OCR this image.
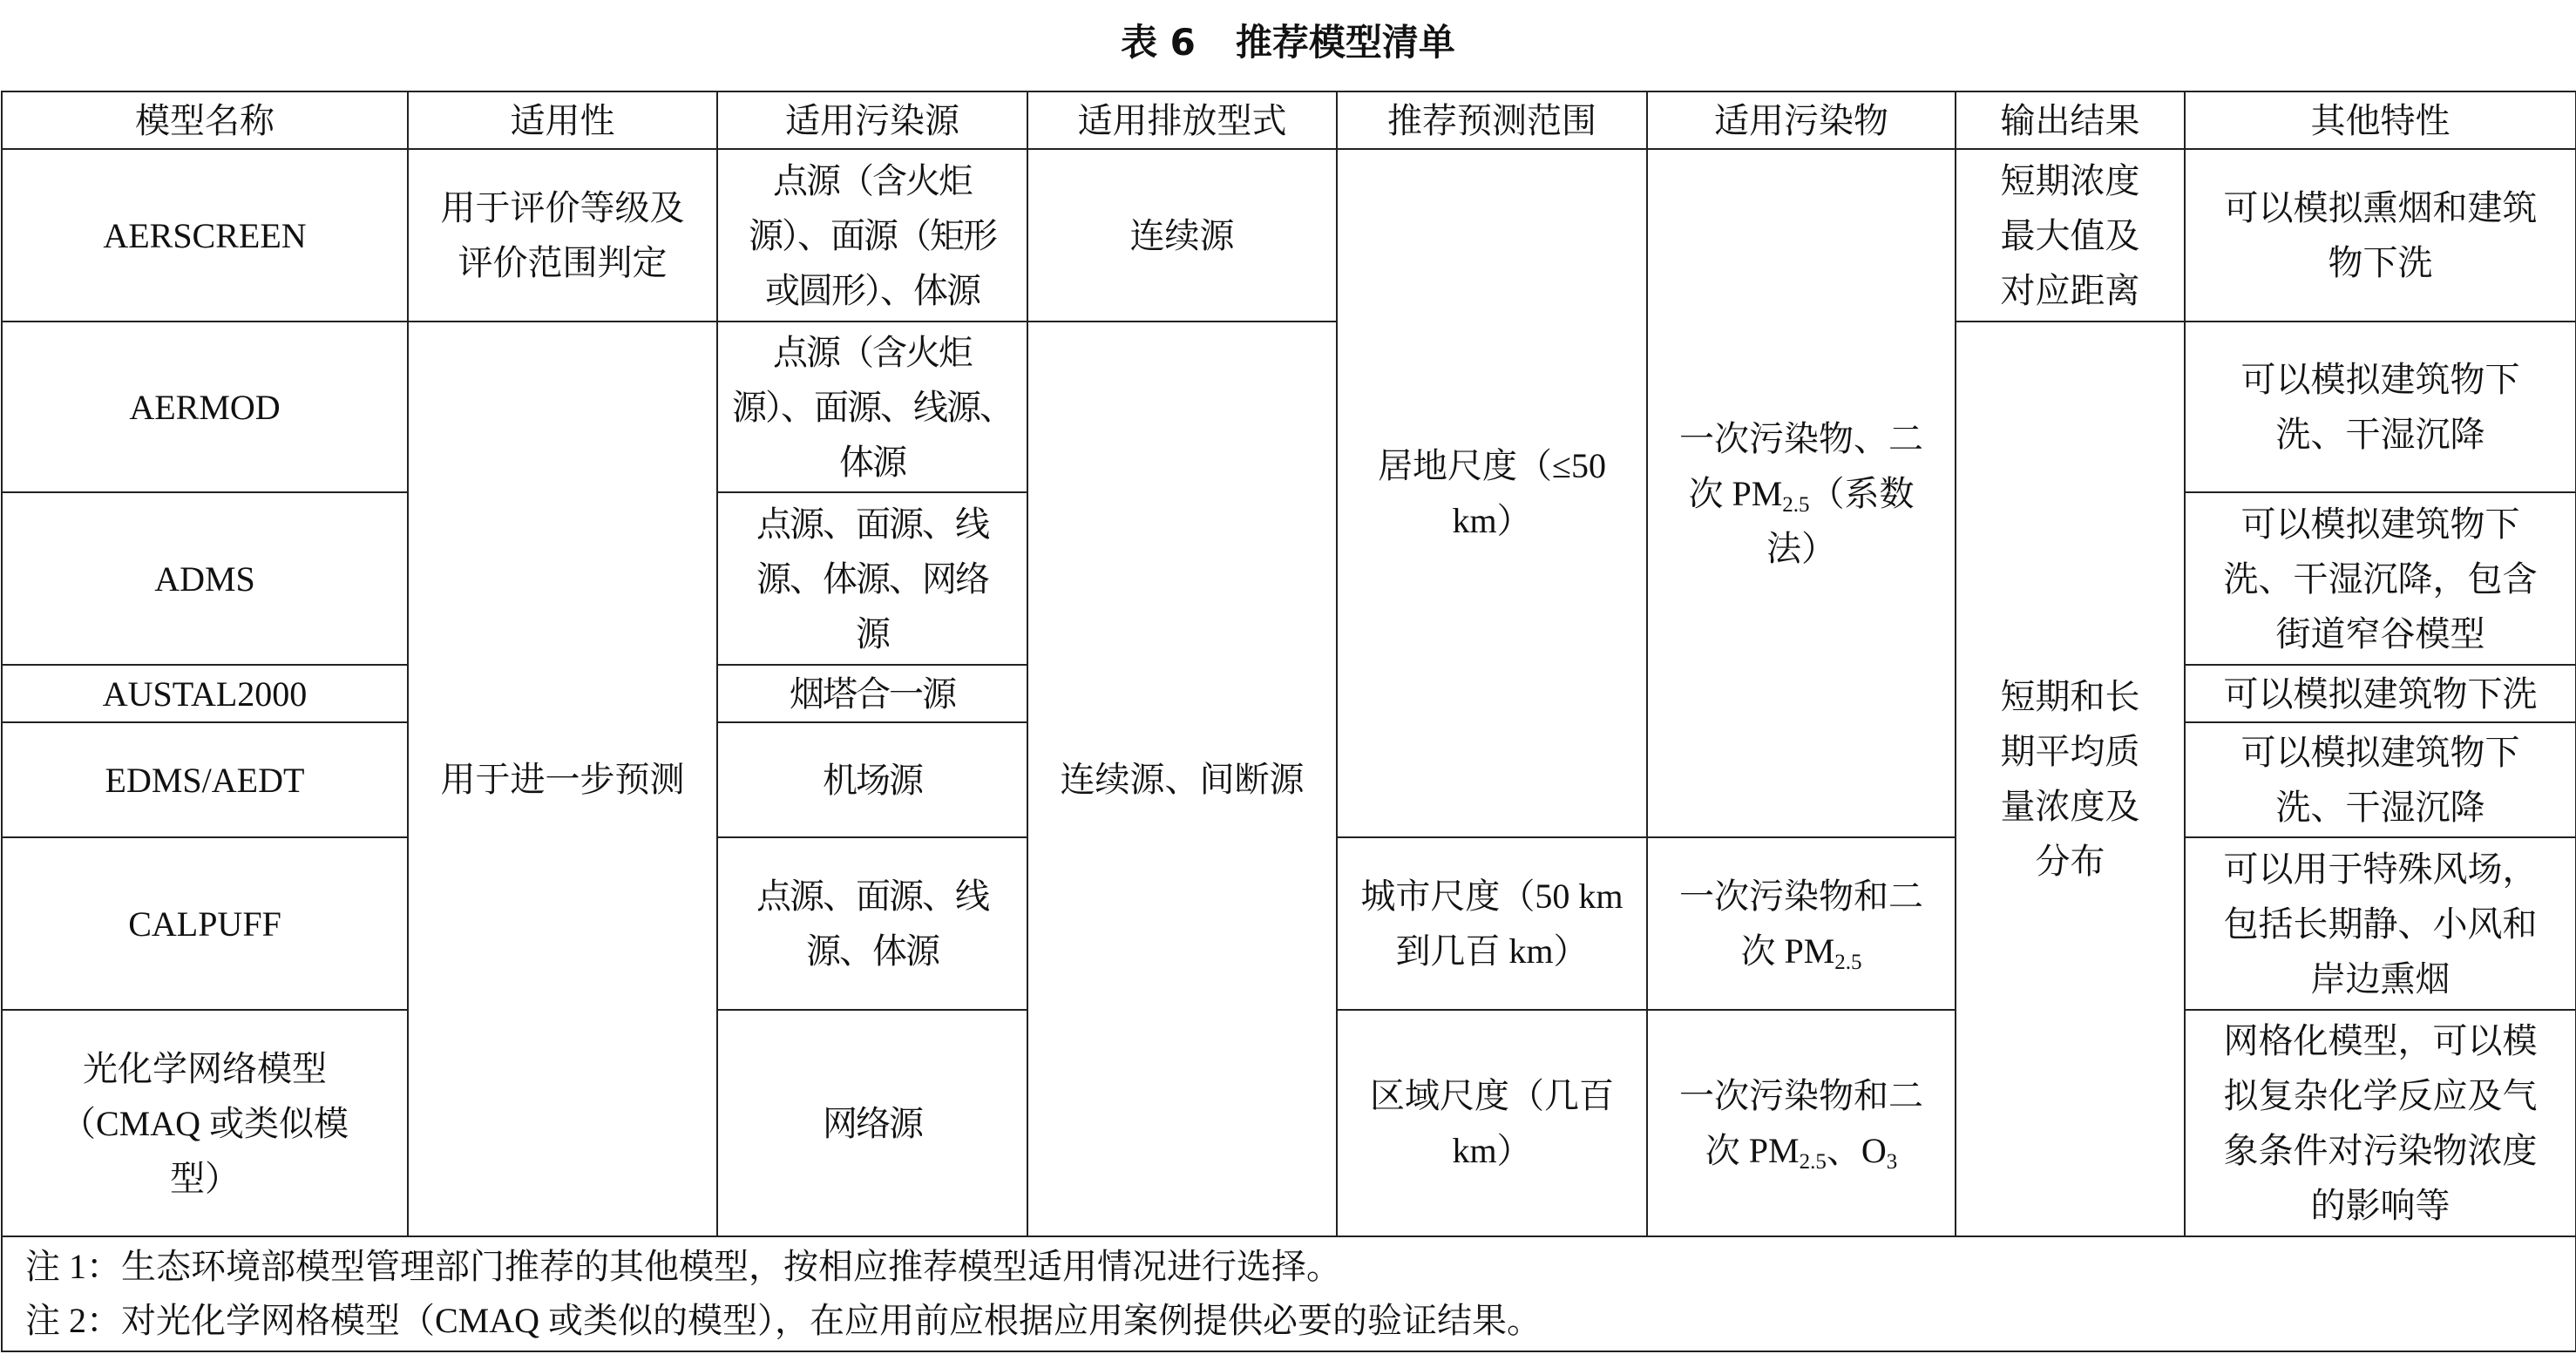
表 6 推荐模型清单
模型名称	适用性	适用污染源	适用排放型式	推荐预测范围	适用污染物	输出结果	其他特性

AERSCREEN	用于评价等级及
评价范围判定	点源（含火炬
源）、面源（矩形
或圆形）、体源	连续源	居地尺度（≤50
km）	一次污染物、二
次 $PM_{2.5}$（系数
法）	短期浓度
最大值及
对应距离	可以模拟熏烟和建筑
物下洗

AERMOD	用于进一步预测	点源（含火炬
源）、面源、线源、
体源	连续源、间断源			短期和长
期平均质
量浓度及
分布	可以模拟建筑物下
洗、干湿沉降

ADMS		点源、面源、线
源、体源、网络
源					可以模拟建筑物下
洗、干湿沉降，包含
街道窄谷模型

AUSTAL2000		烟塔合一源					可以模拟建筑物下洗

EDMS/AEDT		机场源					可以模拟建筑物下
洗、干湿沉降

CALPUFF		点源、面源、线
源、体源		城市尺度（50 km
到几百 km）	一次污染物和二
次 $PM_{2.5}$		可以用于特殊风场，
包括长期静、小风和
岸边熏烟

光化学网络模型
（CMAQ 或类似模
型）		网络源		区域尺度（几百
km）	一次污染物和二
次 $PM_{2.5}$、$O_3$		网格化模型，可以模
拟复杂化学反应及气
象条件对污染物浓度
的影响等

注 1：生态环境部模型管理部门推荐的其他模型，按相应推荐模型适用情况进行选择。
注 2：对光化学网格模型（CMAQ 或类似的模型），在应用前应根据应用案例提供必要的验证结果。							
